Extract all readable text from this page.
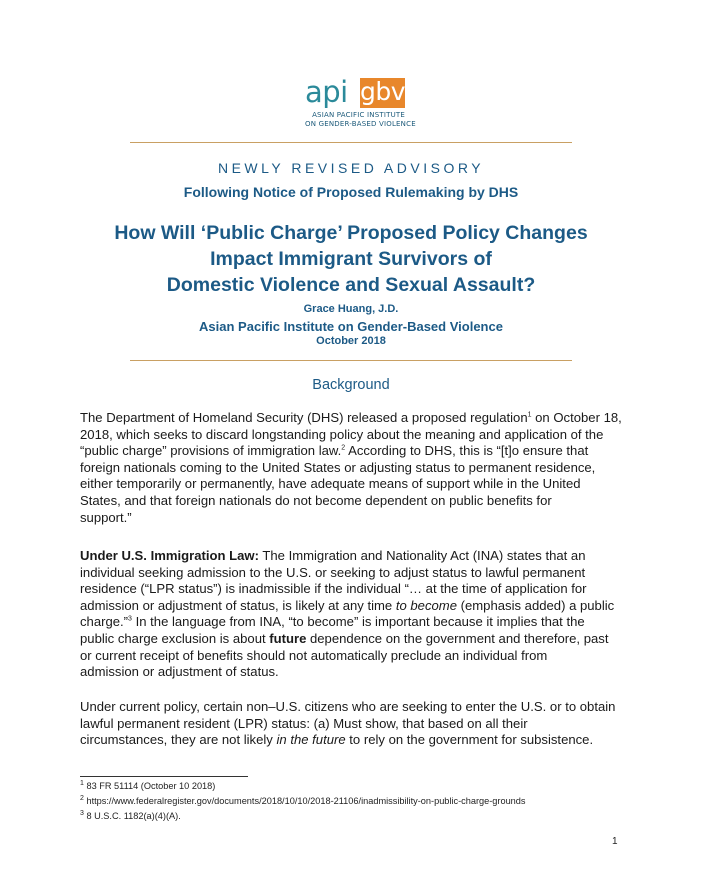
api gbv
ASIAN PACIFIC INSTITUTE
ON GENDER-BASED VIOLENCE
NEWLY REVISED ADVISORY
Following Notice of Proposed Rulemaking by DHS
How Will ‘Public Charge’ Proposed Policy Changes
Impact Immigrant Survivors of
Domestic Violence and Sexual Assault?
Grace Huang, J.D.
Asian Pacific Institute on Gender-Based Violence
October 2018
Background
The Department of Homeland Security (DHS) released a proposed regulation$^1$ on October 18,
2018, which seeks to discard longstanding policy about the meaning and application of the
“public charge” provisions of immigration law.$^2$ According to DHS, this is “[t]o ensure that
foreign nationals coming to the United States or adjusting status to permanent residence,
either temporarily or permanently, have adequate means of support while in the United
States, and that foreign nationals do not become dependent on public benefits for
support.”
Under U.S. Immigration Law: The Immigration and Nationality Act (INA) states that an
individual seeking admission to the U.S. or seeking to adjust status to lawful permanent
residence (“LPR status”) is inadmissible if the individual “… at the time of application for
admission or adjustment of status, is likely at any time to become (emphasis added) a public
charge.”$^3$ In the language from INA, “to become” is important because it implies that the
public charge exclusion is about future dependence on the government and therefore, past
or current receipt of benefits should not automatically preclude an individual from
admission or adjustment of status.
Under current policy, certain non–U.S. citizens who are seeking to enter the U.S. or to obtain
lawful permanent resident (LPR) status: (a) Must show, that based on all their
circumstances, they are not likely in the future to rely on the government for subsistence.
$^1$ 83 FR 51114 (October 10 2018)
$^2$ https://www.federalregister.gov/documents/2018/10/10/2018-21106/inadmissibility-on-public-charge-grounds
$^3$ 8 U.S.C. 1182(a)(4)(A).
1
